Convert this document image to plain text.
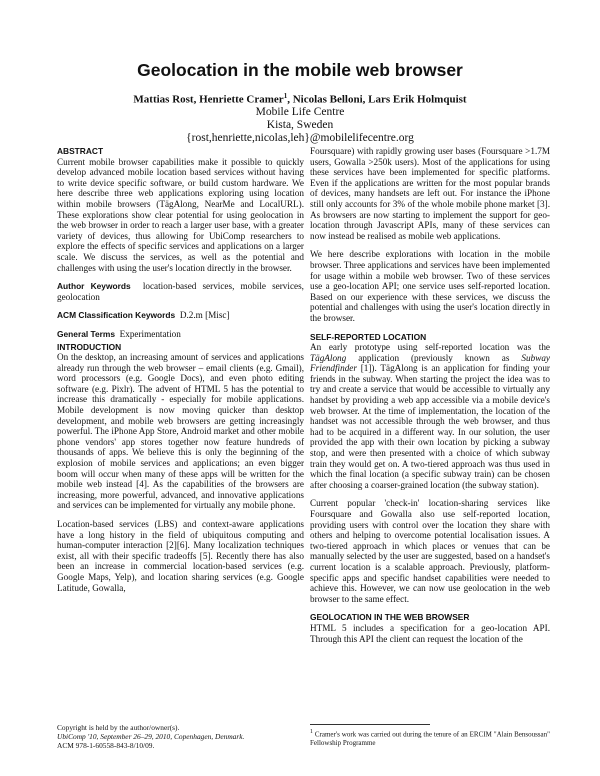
Geolocation in the mobile web browser
Mattias Rost, Henriette Cramer$^1$, Nicolas Belloni, Lars Erik Holmquist
Mobile Life Centre
Kista, Sweden
{rost,henriette,nicolas,leh}@mobilelifecentre.org
ABSTRACT

Current mobile browser capabilities make it possible to quickly develop advanced mobile location based services without having to write device specific software, or build custom hardware. We here describe three web applications exploring using location within mobile browsers (TägAlong, NearMe and LocalURL). These explorations show clear potential for using geolocation in the web browser in order to reach a larger user base, with a greater variety of devices, thus allowing for UbiComp researchers to explore the effects of specific services and applications on a larger scale. We discuss the services, as well as the potential and challenges with using the user's location directly in the browser.

Author Keywords location-based services, mobile services, geolocation

ACM Classification Keywords D.2.m [Misc]

General Terms Experimentation

INTRODUCTION

On the desktop, an increasing amount of services and applications already run through the web browser – email clients (e.g. Gmail), word processors (e.g. Google Docs), and even photo editing software (e.g. Pixlr). The advent of HTML 5 has the potential to increase this dramatically - especially for mobile applications. Mobile development is now moving quicker than desktop development, and mobile web browsers are getting increasingly powerful. The iPhone App Store, Android market and other mobile phone vendors' app stores together now feature hundreds of thousands of apps. We believe this is only the beginning of the explosion of mobile services and applications; an even bigger boom will occur when many of these apps will be written for the mobile web instead [4]. As the capabilities of the browsers are increasing, more powerful, advanced, and innovative applications and services can be implemented for virtually any mobile phone.

Location-based services (LBS) and context-aware applications have a long history in the field of ubiquitous computing and human-computer interaction [2][6]. Many localization techniques exist, all with their specific tradeoffs [5]. Recently there has also been an increase in commercial location-based services (e.g. Google Maps, Yelp), and location sharing services (e.g. Google Latitude, Gowalla,

Copyright is held by the author/owner(s).
UbiComp '10, September 26–29, 2010, Copenhagen, Denmark.
ACM 978-1-60558-843-8/10/09.

Foursquare) with rapidly growing user bases (Foursquare >1.7M users, Gowalla >250k users). Most of the applications for using these services have been implemented for specific platforms. Even if the applications are written for the most popular brands of devices, many handsets are left out. For instance the iPhone still only accounts for 3% of the whole mobile phone market [3]. As browsers are now starting to implement the support for geo-location through Javascript APIs, many of these services can now instead be realised as mobile web applications.

We here describe explorations with location in the mobile browser. Three applications and services have been implemented for usage within a mobile web browser. Two of these services use a geo-location API; one service uses self-reported location. Based on our experience with these services, we discuss the potential and challenges with using the user's location directly in the browser.

SELF-REPORTED LOCATION

An early prototype using self-reported location was the TägAlong application (previously known as Subway Friendfinder [1]). TägAlong is an application for finding your friends in the subway. When starting the project the idea was to try and create a service that would be accessible to virtually any handset by providing a web app accessible via a mobile device's web browser. At the time of implementation, the location of the handset was not accessible through the web browser, and thus had to be acquired in a different way. In our solution, the user provided the app with their own location by picking a subway stop, and were then presented with a choice of which subway train they would get on. A two-tiered approach was thus used in which the final location (a specific subway train) can be chosen after choosing a coarser-grained location (the subway station).

Current popular 'check-in' location-sharing services like Foursquare and Gowalla also use self-reported location, providing users with control over the location they share with others and helping to overcome potential localisation issues. A two-tiered approach in which places or venues that can be manually selected by the user are suggested, based on a handset's current location is a scalable approach. Previously, platform-specific apps and specific handset capabilities were needed to achieve this. However, we can now use geolocation in the web browser to the same effect.

GEOLOCATION IN THE WEB BROWSER

HTML 5 includes a specification for a geo-location API. Through this API the client can request the location of the

$^1$ Cramer's work was carried out during the tenure of an ERCIM "Alain Bensoussan" Fellowship Programme
